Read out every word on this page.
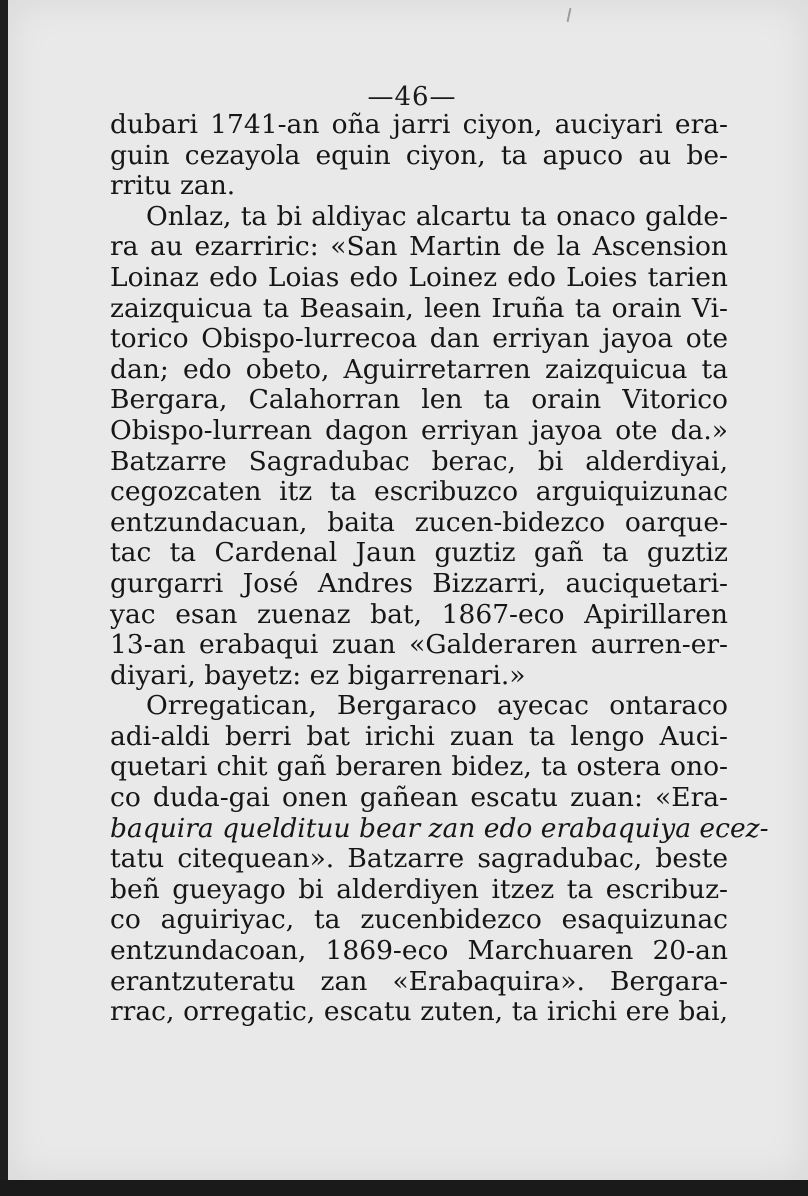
—46—
dubari 1741-an oña jarri ciyon, auciyari era-
guin cezayola equin ciyon, ta apuco au be-
rritu zan.
Onlaz, ta bi aldiyac alcartu ta onaco galde-
ra au ezarriric: «San Martin de la Ascension
Loinaz edo Loias edo Loinez edo Loies tarien
zaizquicua ta Beasain, leen Iruña ta orain Vi-
torico Obispo-lurrecoa dan erriyan jayoa ote
dan; edo obeto, Aguirretarren zaizquicua ta
Bergara, Calahorran len ta orain Vitorico
Obispo-lurrean dagon erriyan jayoa ote da.»
Batzarre Sagradubac berac, bi alderdiyai,
cegozcaten itz ta escribuzco arguiquizunac
entzundacuan, baita zucen-bidezco oarque-
tac ta Cardenal Jaun guztiz gañ ta guztiz
gurgarri José Andres Bizzarri, auciquetari-
yac esan zuenaz bat, 1867-eco Apirillaren
13-an erabaqui zuan «Galderaren aurren-er-
diyari, bayetz: ez bigarrenari.»
Orregatican, Bergaraco ayecac ontaraco
adi-aldi berri bat irichi zuan ta lengo Auci-
quetari chit gañ beraren bidez, ta ostera ono-
co duda-gai onen gañean escatu zuan: «Era-
baquira queldituu bear zan edo erabaquiya ecez-
tatu citequean». Batzarre sagradubac, beste
beñ gueyago bi alderdiyen itzez ta escribuz-
co aguiriyac, ta zucenbidezco esaquizunac
entzundacoan, 1869-eco Marchuaren 20-an
erantzuteratu zan «Erabaquira». Bergara-
rrac, orregatic, escatu zuten, ta irichi ere bai,
